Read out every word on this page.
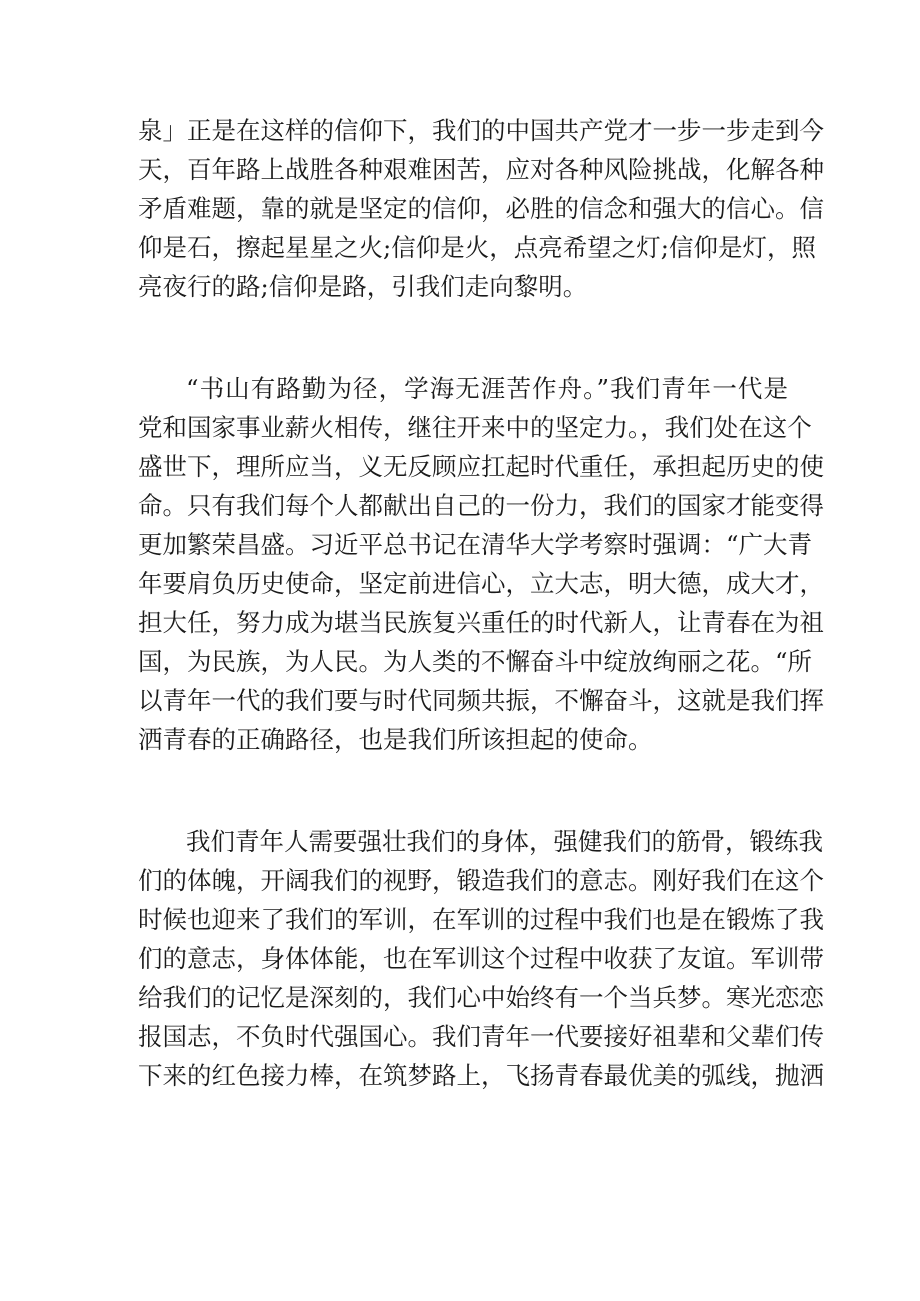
泉」正是在这样的信仰下，我们的中国共产党才一步一步走到今
天，百年路上战胜各种艰难困苦，应对各种风险挑战，化解各种
矛盾难题，靠的就是坚定的信仰，必胜的信念和强大的信心。信
仰是石，擦起星星之火;信仰是火，点亮希望之灯;信仰是灯，照
亮夜行的路;信仰是路，引我们走向黎明。
“书山有路勤为径，学海无涯苦作舟。”我们青年一代是
党和国家事业薪火相传，继往开来中的坚定力。，我们处在这个
盛世下，理所应当，义无反顾应扛起时代重任，承担起历史的使
命。只有我们每个人都献出自己的一份力，我们的国家才能变得
更加繁荣昌盛。习近平总书记在清华大学考察时强调：“广大青
年要肩负历史使命，坚定前进信心，立大志，明大德，成大才，
担大任，努力成为堪当民族复兴重任的时代新人，让青春在为祖
国，为民族，为人民。为人类的不懈奋斗中绽放绚丽之花。“所
以青年一代的我们要与时代同频共振，不懈奋斗，这就是我们挥
洒青春的正确路径，也是我们所该担起的使命。
我们青年人需要强壮我们的身体，强健我们的筋骨，锻练我
们的体魄，开阔我们的视野，锻造我们的意志。刚好我们在这个
时候也迎来了我们的军训，在军训的过程中我们也是在锻炼了我
们的意志，身体体能，也在军训这个过程中收获了友谊。军训带
给我们的记忆是深刻的，我们心中始终有一个当兵梦。寒光恋恋
报国志，不负时代强国心。我们青年一代要接好祖辈和父辈们传
下来的红色接力棒，在筑梦路上，飞扬青春最优美的弧线，抛洒
